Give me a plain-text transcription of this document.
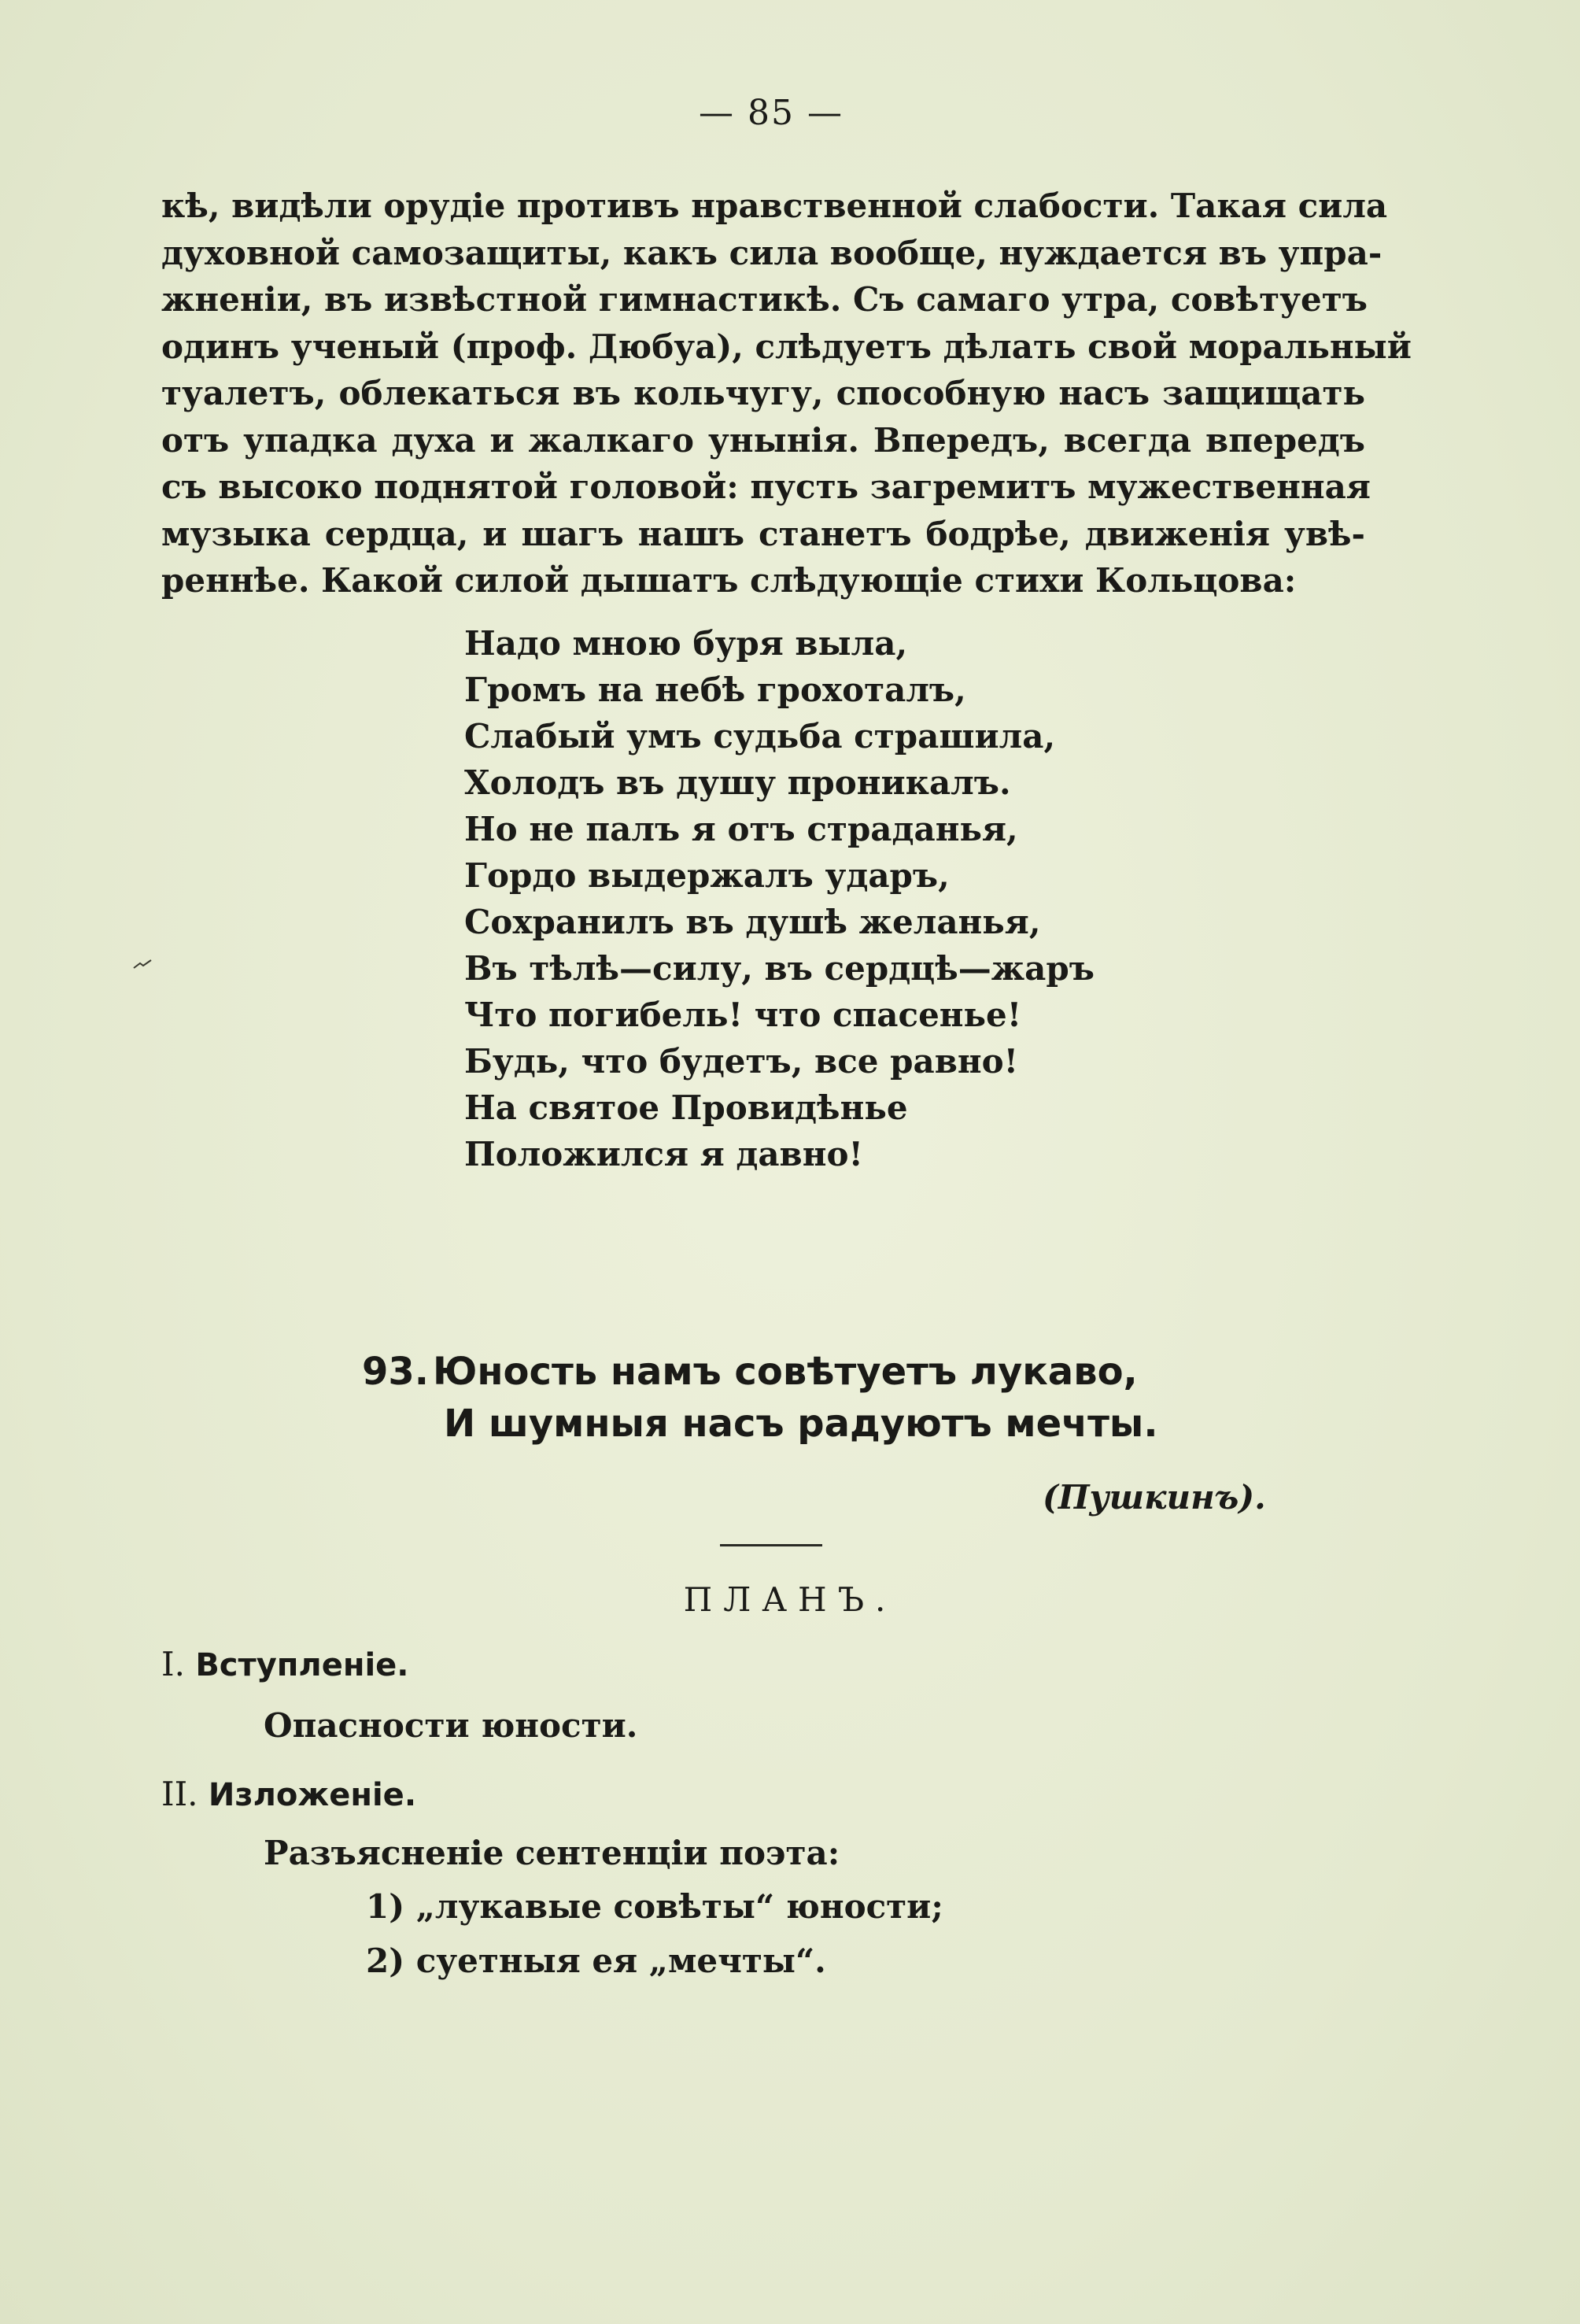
— 85 —
кѣ, видѣли орудіе противъ нравственной слабости. Такая сила
духовной самозащиты, какъ сила вообще, нуждается въ упра-
жненіи, въ извѣстной гимнастикѣ. Съ самаго утра, совѣтуетъ
одинъ ученый (проф. Дюбуа), слѣдуетъ дѣлать свой моральный
туалетъ, облекаться въ кольчугу, способную насъ защищать
отъ упадка духа и жалкаго унынія. Впередъ, всегда впередъ
съ высоко поднятой головой: пусть загремитъ мужественная
музыка сердца, и шагъ нашъ станетъ бодрѣе, движенія увѣ-
реннѣе. Какой силой дышатъ слѣдующіе стихи Кольцова:
Надо мною буря выла,
Громъ на небѣ грохоталъ,
Слабый умъ судьба страшила,
Холодъ въ душу проникалъ.
Но не палъ я отъ страданья,
Гордо выдержалъ ударъ,
Сохранилъ въ душѣ желанья,
Въ тѣлѣ—силу, въ сердцѣ—жаръ
Что погибель! что спасенье!
Будь, что будетъ, все равно!
На святое Провидѣнье
Положился я давно!
93. Юность намъ совѣтуетъ лукаво,
И шумныя насъ радуютъ мечты.
(Пушкинъ).
ПЛАНЪ.
I. Вступленіе.
Опасности юности.
II. Изложеніе.
Разъясненіе сентенціи поэта:
1) „лукавые совѣты“ юности;
2) суетныя ея „мечты“.
